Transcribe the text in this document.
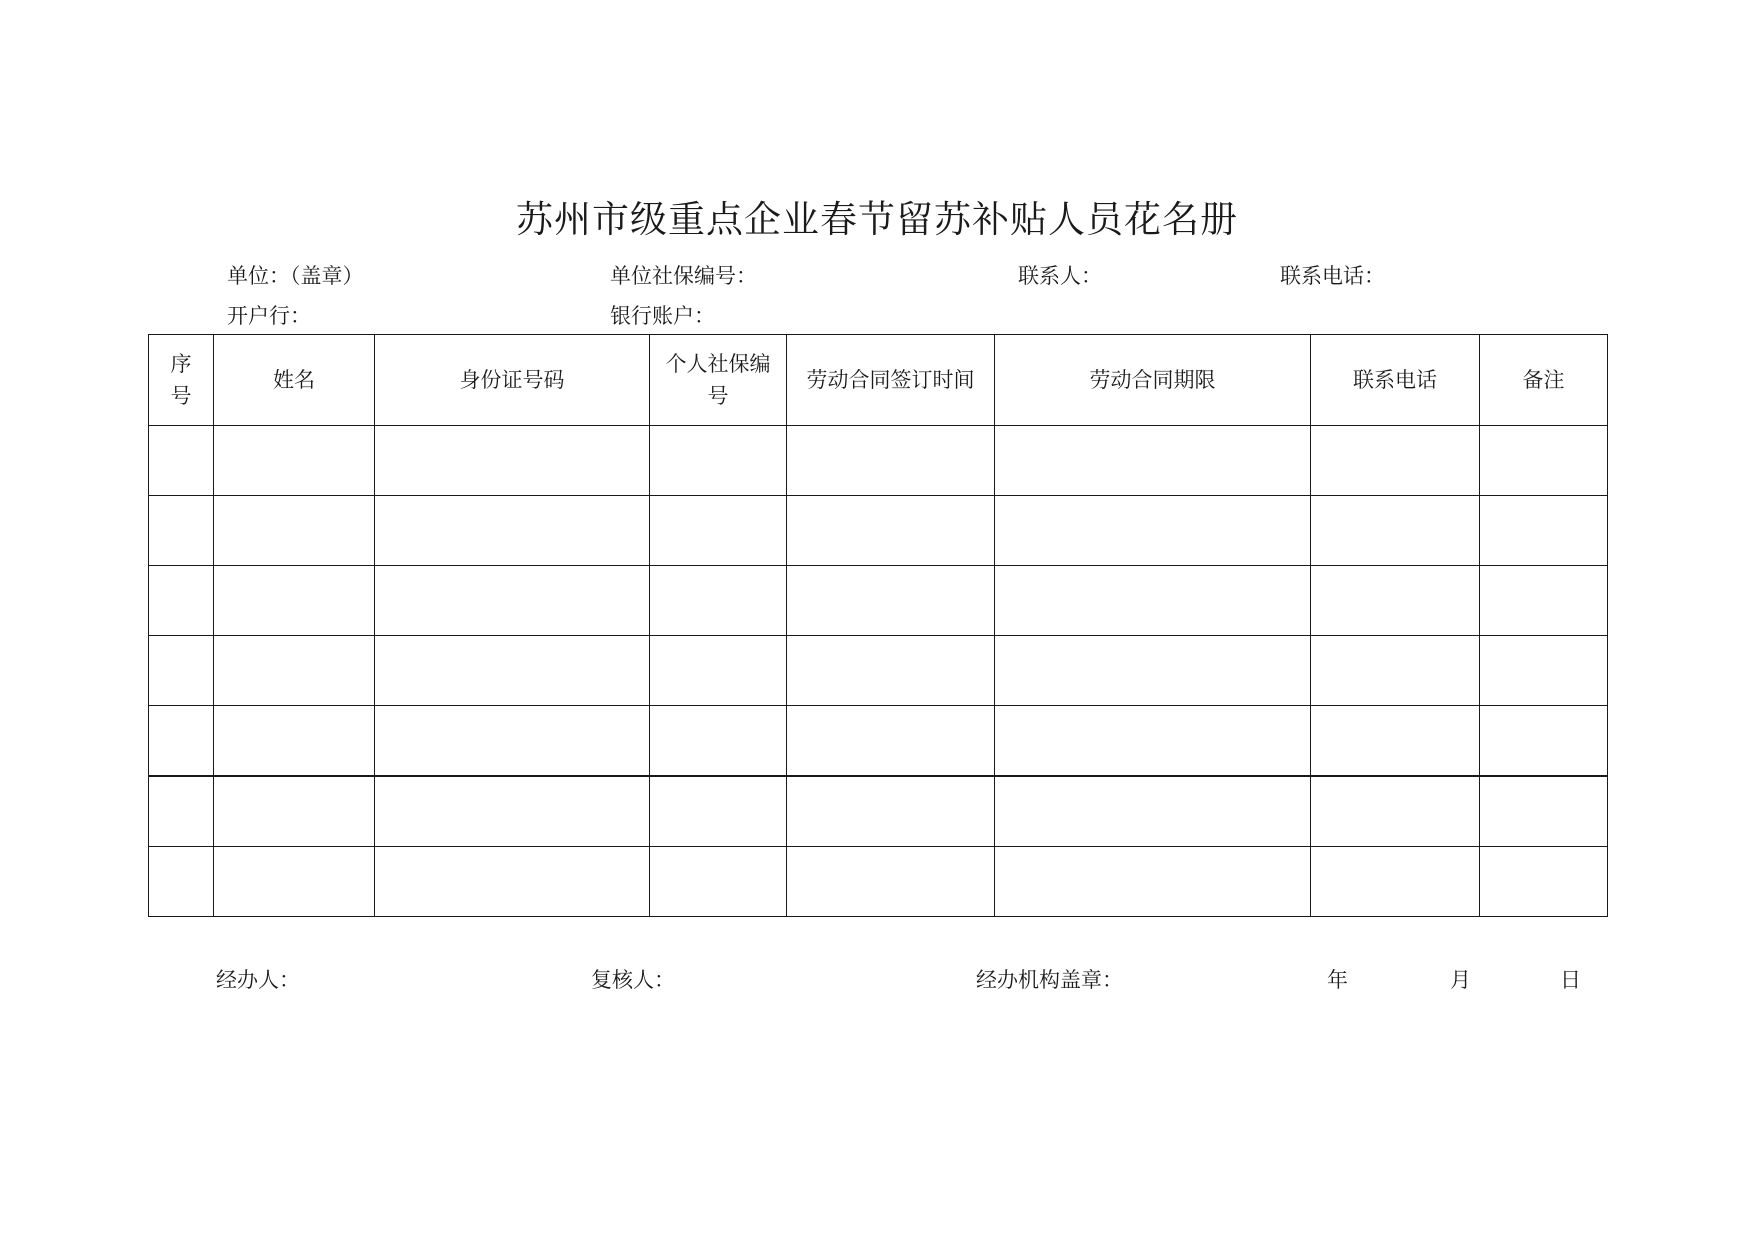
苏州市级重点企业春节留苏补贴人员花名册
单位：（盖章）	单位社保编号：	联系人：	联系电话：
开户行：	银行账户：
序号	姓名	身份证号码	个人社保编号	劳动合同签订时间	劳动合同期限	联系电话	备注

经办人：	复核人：	经办机构盖章：	年	月	日
